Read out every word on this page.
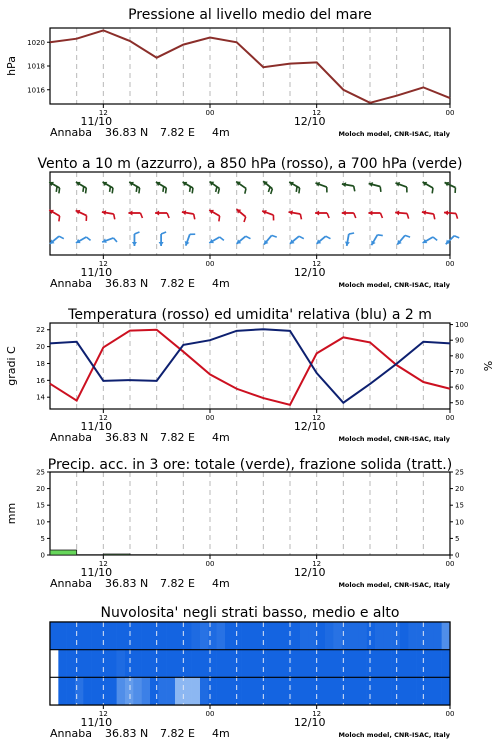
Pressione al livello medio del mare
12	00	12	00
11/10	12/10
Annaba 36.83 N 7.82 E 4m	Moloch model, CNR-ISAC, Italy
1020
1018
1016
hPa
Vento a 10 m (azzurro), a 850 hPa (rosso), a 700 hPa (verde)
12	00	12	00
11/10	12/10
Annaba 36.83 N 7.82 E 4m	Moloch model, CNR-ISAC, Italy
Temperatura (rosso) ed umidita' relativa (blu) a 2 m
12	00	12	00
11/10	12/10
Annaba 36.83 N 7.82 E 4m	Moloch model, CNR-ISAC, Italy
22
20
18
16
14
100
90
80
70
60
50
gradi C	%
Precip. acc. in 3 ore: totale (verde), frazione solida (tratt.)
12	00	12	00
11/10	12/10
Annaba 36.83 N 7.82 E 4m	Moloch model, CNR-ISAC, Italy
25
20
15
10
5
0
25
20
15
10
5
0
mm
Nuvolosita' negli strati basso, medio e alto
12	00	12	00
11/10	12/10
Annaba 36.83 N 7.82 E 4m	Moloch model, CNR-ISAC, Italy
